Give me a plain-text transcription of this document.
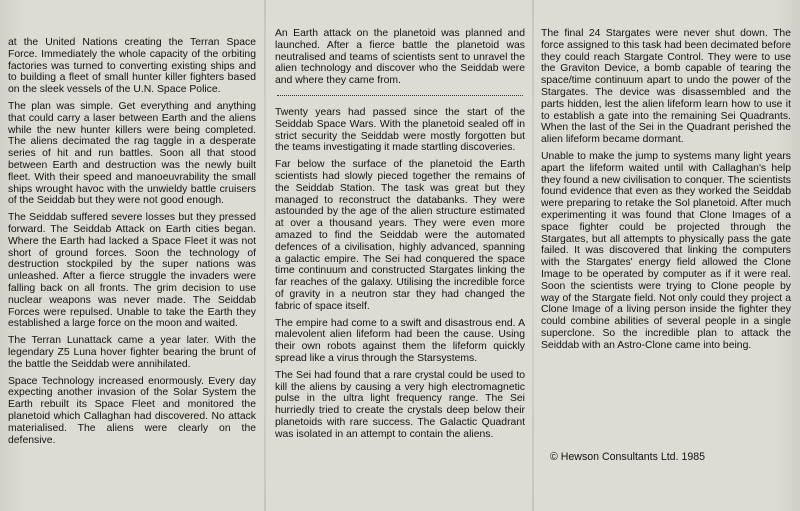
at the United Nations creating the Terran Space Force. Immediately the whole capacity of the orbiting factories was turned to converting existing ships and to building a fleet of small hunter killer fighters based on the sleek vessels of the U.N. Space Police.

The plan was simple. Get everything and anything that could carry a laser between Earth and the aliens while the new hunter killers were being completed. The aliens decimated the rag taggle in a desperate series of hit and run battles. Soon all that stood between Earth and destruction was the newly built fleet. With their speed and manoeuvrability the small ships wrought havoc with the unwieldy battle cruisers of the Seiddab but they were not good enough.

The Seiddab suffered severe losses but they pressed forward. The Seiddab Attack on Earth cities began. Where the Earth had lacked a Space Fleet it was not short of ground forces. Soon the technology of destruction stockpiled by the super nations was unleashed. After a fierce struggle the invaders were falling back on all fronts. The grim decision to use nuclear weapons was never made. The Seiddab Forces were repulsed. Unable to take the Earth they established a large force on the moon and waited.

The Terran Lunattack came a year later. With the legendary Z5 Luna hover fighter bearing the brunt of the battle the Seiddab were annihilated.

Space Technology increased enormously. Every day expecting another invasion of the Solar System the Earth rebuilt its Space Fleet and monitored the planetoid which Callaghan had discovered. No attack materialised. The aliens were clearly on the defensive.

An Earth attack on the planetoid was planned and launched. After a fierce battle the planetoid was neutralised and teams of scientists sent to unravel the alien technology and discover who the Seiddab were and where they came from.

Twenty years had passed since the start of the Seiddab Space Wars. With the planetoid sealed off in strict security the Seiddab were mostly forgotten but the teams investigating it made startling discoveries.

Far below the surface of the planetoid the Earth scientists had slowly pieced together the remains of the Seiddab Station. The task was great but they managed to reconstruct the databanks. They were astounded by the age of the alien structure estimated at over a thousand years. They were even more amazed to find the Seiddab were the automated defences of a civilisation, highly advanced, spanning a galactic empire. The Sei had conquered the space time continuum and constructed Stargates linking the far reaches of the galaxy. Utilising the incredible force of gravity in a neutron star they had changed the fabric of space itself.

The empire had come to a swift and disastrous end. A malevolent alien lifeform had been the cause. Using their own robots against them the lifeform quickly spread like a virus through the Starsystems.

The Sei had found that a rare crystal could be used to kill the aliens by causing a very high electromagnetic pulse in the ultra light frequency range. The Sei hurriedly tried to create the crystals deep below their planetoids with rare success. The Galactic Quadrant was isolated in an attempt to contain the aliens.

The final 24 Stargates were never shut down. The force assigned to this task had been decimated before they could reach Stargate Control. They were to use the Graviton Device, a bomb capable of tearing the space/time continuum apart to undo the power of the Stargates. The device was disassembled and the parts hidden, lest the alien lifeform learn how to use it to establish a gate into the remaining Sei Quadrants. When the last of the Sei in the Quadrant perished the alien lifeform became dormant.

Unable to make the jump to systems many light years apart the lifeform waited until with Callaghan's help they found a new civilisation to conquer. The scientists found evidence that even as they worked the Seiddab were preparing to retake the Sol planetoid. After much experimenting it was found that Clone Images of a space fighter could be projected through the Stargates, but all attempts to physically pass the gate failed. It was discovered that linking the computers with the Stargates' energy field allowed the Clone Image to be operated by computer as if it were real. Soon the scientists were trying to Clone people by way of the Stargate field. Not only could they project a Clone Image of a living person inside the fighter they could combine abilities of several people in a single superclone. So the incredible plan to attack the Seiddab with an Astro-Clone came into being.

© Hewson Consultants Ltd. 1985
